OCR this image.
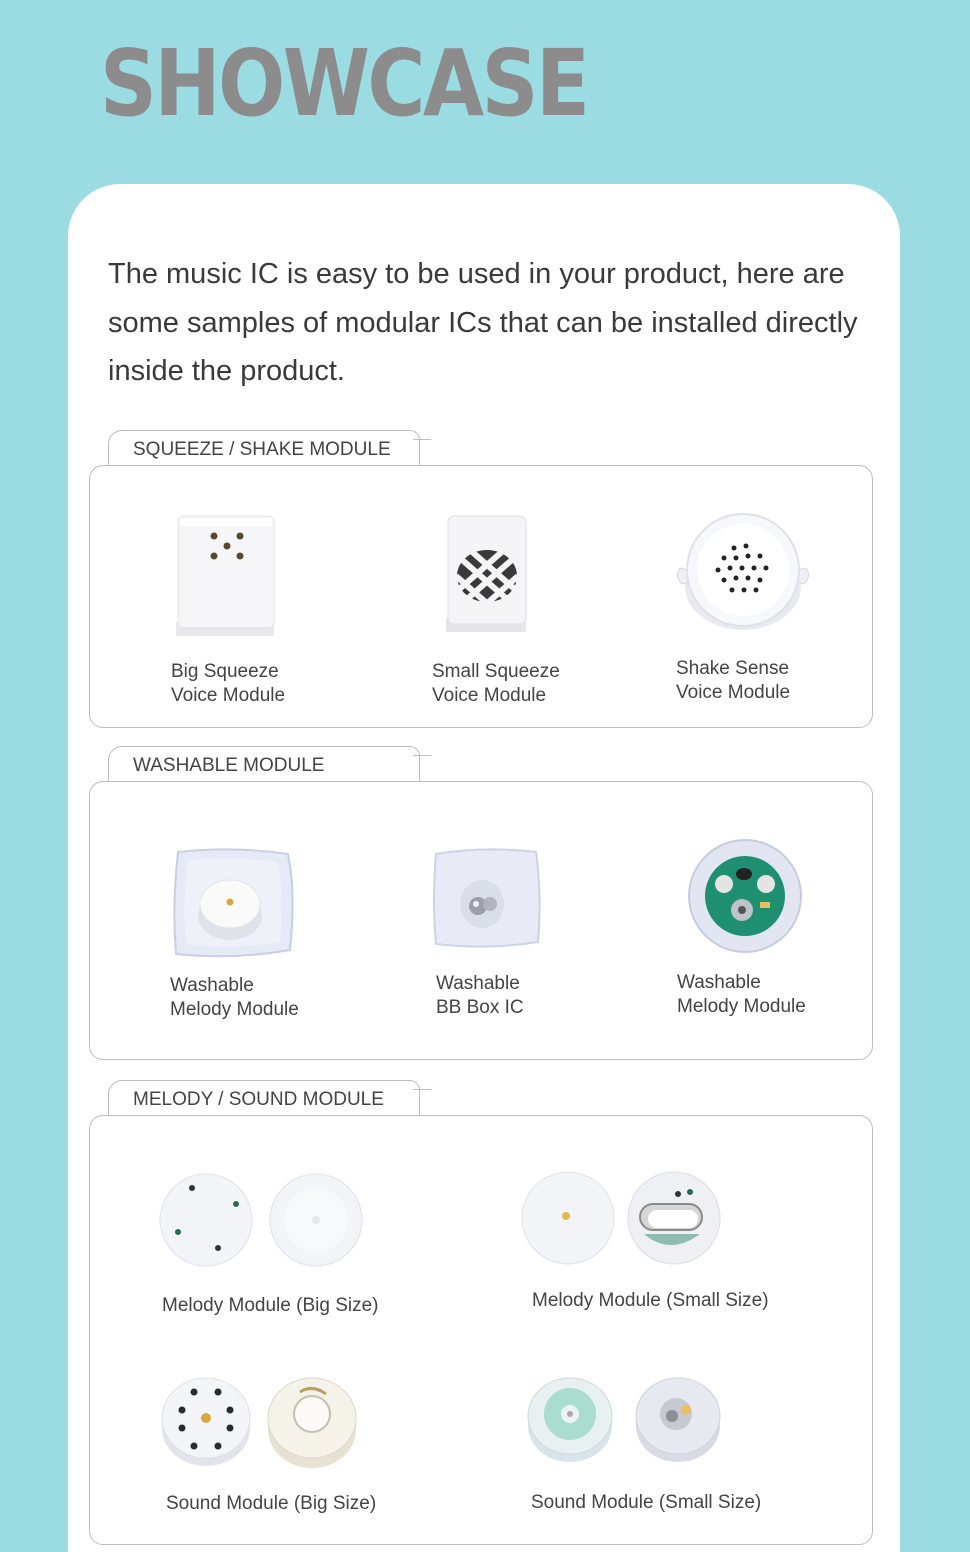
SHOWCASE
The music IC is easy to be used in your product, here are some samples of modular ICs that can be installed directly inside the product.
SQUEEZE / SHAKE MODULE
Big Squeeze
Voice Module
Small Squeeze
Voice Module
Shake Sense
Voice Module
WASHABLE MODULE
Washable
Melody Module
Washable
BB Box IC
Washable
Melody Module
MELODY / SOUND MODULE
Melody Module (Big Size)	Melody Module (Small Size)
Sound Module (Big Size)	Sound Module (Small Size)
